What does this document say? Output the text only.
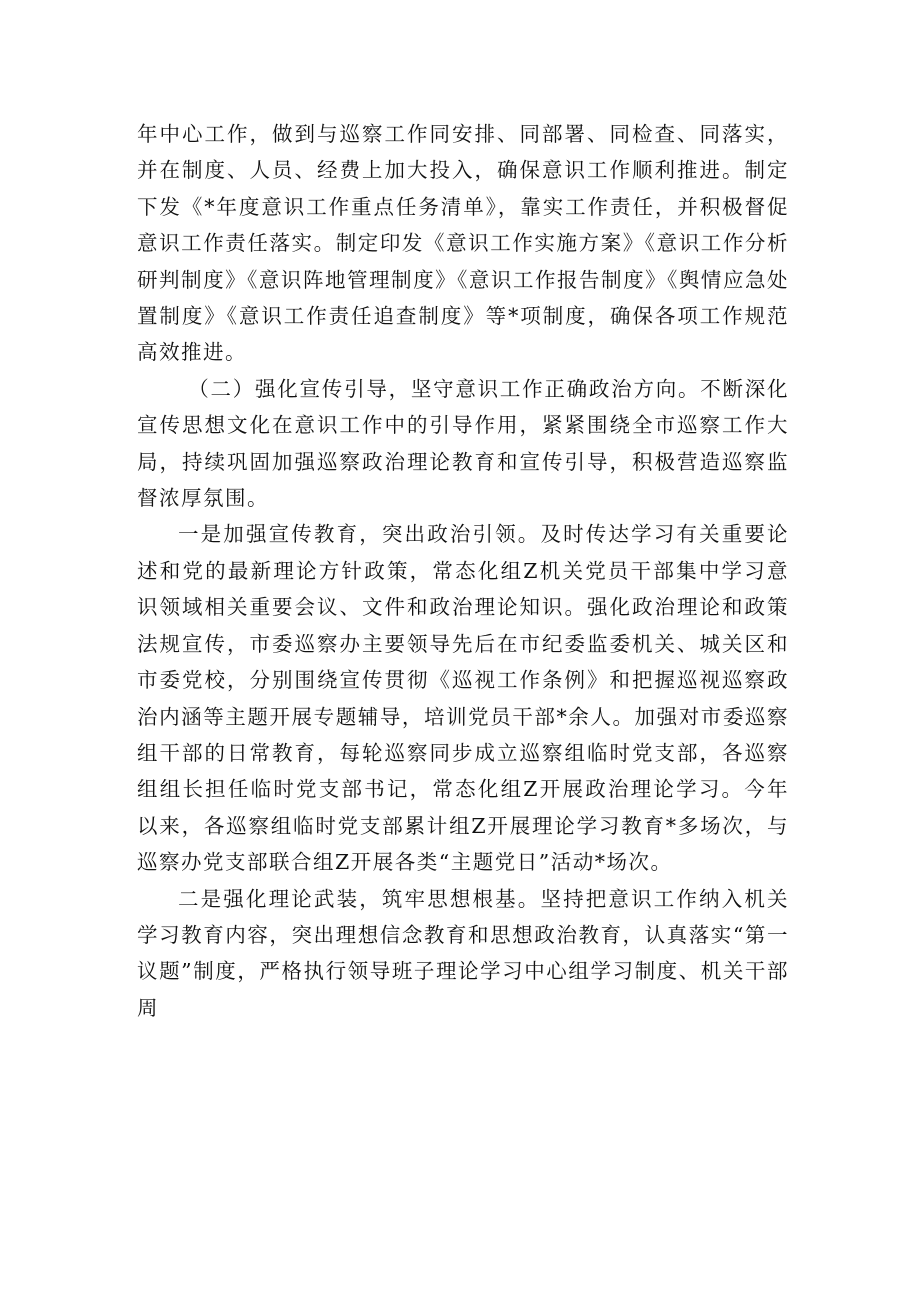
年中心工作，做到与巡察工作同安排、同部署、同检查、同落实，并在制度、人员、经费上加大投入，确保意识工作顺利推进。制定下发《*年度意识工作重点任务清单》，靠实工作责任，并积极督促意识工作责任落实。制定印发《意识工作实施方案》《意识工作分析研判制度》《意识阵地管理制度》《意识工作报告制度》《舆情应急处置制度》《意识工作责任追查制度》等*项制度，确保各项工作规范高效推进。

（二）强化宣传引导，坚守意识工作正确政治方向。不断深化宣传思想文化在意识工作中的引导作用，紧紧围绕全市巡察工作大局，持续巩固加强巡察政治理论教育和宣传引导，积极营造巡察监督浓厚氛围。

一是加强宣传教育，突出政治引领。及时传达学习有关重要论述和党的最新理论方针政策，常态化组Z机关党员干部集中学习意识领域相关重要会议、文件和政治理论知识。强化政治理论和政策法规宣传，市委巡察办主要领导先后在市纪委监委机关、城关区和市委党校，分别围绕宣传贯彻《巡视工作条例》和把握巡视巡察政治内涵等主题开展专题辅导，培训党员干部*余人。加强对市委巡察组干部的日常教育，每轮巡察同步成立巡察组临时党支部，各巡察组组长担任临时党支部书记，常态化组Z开展政治理论学习。今年以来，各巡察组临时党支部累计组Z开展理论学习教育*多场次，与巡察办党支部联合组Z开展各类“主题党日”活动*场次。

二是强化理论武装，筑牢思想根基。坚持把意识工作纳入机关学习教育内容，突出理想信念教育和思想政治教育，认真落实“第一议题”制度，严格执行领导班子理论学习中心组学习制度、机关干部周
